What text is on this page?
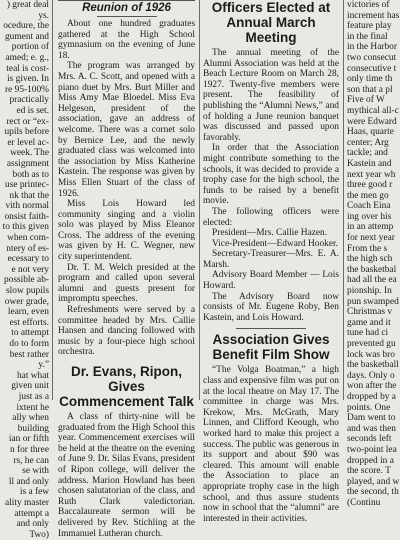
) great deal
ys.
ocedure, the
gument and
portion of
amed; e. g.,
teal is cost-
is given. In
re 95-100%
practically
ed is set.
rect or “ex-
upils before
er level ac-
week. The
assignment
both as to
use printec-
nk that the
vith normal
onsist faith-
to this given
when com-
ntery of es-
ecessary to
e not very
possible ab-
slow pupils
ower grade,
learn, even
est efforts.
to attempt
do to form
best rather
y.”
hat what
given unit
just as a
ixtent he
ally when
building
ian or fifth
n for three
rs, he can
se with
ll and only
is a few
ality master
attempt a
and only
Two)
Reunion of 1926

About one hundred graduates gathered at the High School gymnasium on the evening of June 18.

The program was arranged by Mrs. A. C. Scott, and opened with a piano duet by Mrs. Burt Miller and Miss Amy Mae Bloedel. Miss Eva Helgeson, president of the association, gave an address of welcome. There was a cornet solo by Bernice Lee, and the newly graduated class was welcomed into the association by Miss Katherine Kastein. The response was given by Miss Ellen Stuart of the class of 1926.

Miss Lois Howard led community singing and a violin solo was played by Miss Eleanor Cross. The address of the evening was given by H. C. Wegner, new city superintendent.

Dr. T. M. Welch presided at the program and called upon several alumni and guests present for impromptu speeches.

Refreshments were served by a committee headed by Mrs. Callie Hansen and dancing followed with music by a four-piece high school orchestra.

Dr. Evans, Ripon, Gives Commencement Talk

A class of thirty-nine will be graduated from the High School this year. Commencement exercises will be held at the theatre on the evening of June 9. Dr. Silas Evans, president of Ripon college, will deliver the address. Marion Howland has been chosen salutatorian of the class, and Ruth Clark valedictorian. Baccalaureate sermon will be delivered by Rev. Stichling at the Immanuel Lutheran church.

Officers Elected at Annual March Meeting

The annual meeting of the Alumni Association was held at the Beach Lecture Room on March 28, 1927. Twenty-five members were present. The feasibility of publishing the “Alumni News,” and of holding a June reunion banquet was discussed and passed upon favorably.

In order that the Association might contribute something to the schools, it was decided to provide a trophy case for the high school, the funds to be raised by a benefit movie.

The following officers were elected:

President—Mrs. Callie Hazen.

Vice-President—Edward Hooker.

Secretary-Treasurer—Mrs. E. A. Marsh.

Advisory Board Member — Lois Howard.

The Advisory Board now consists of Mr. Eugene Roby, Ben Kastein, and Lois Howard.

Association Gives Benefit Film Show

“The Volga Boatman,” a high class and expensive film was put on at the local theatre on May 17. The committee in charge was Mrs. Krekow, Mrs. McGrath, Mary Linnen, and Clifford Keough, who worked hard to make this project a success. The public was generous in its support and about $90 was cleared. This amount will enable the Association to place an appropriate trophy case in the high school, and thus assure students now in school that the “alumni” are interested in their activities.

victories of
increment has
feature play
in the final
in the Harbor
two consecut
consecutive t
only time th
son that a pl
Five of W
mythical all-c
were Edward
Haas, quarte
center; Arg
tackle; and
Kastein and
next year wh
three good r
the men go
Coach Eina
ing over his
in an attemp
for next year
From the s
the high sch
the basketbal
had all the ea
pionship. In
pun swamped
Christmas v
game and it
tune had ci
prevented gu
lock was bro
the basketball
days. Only o
won after the
dropped by a
points. One
Dam went to
and was then
seconds left
two-point lea
dropped in a
the score. T
played, and w
the second, th
(Continu
